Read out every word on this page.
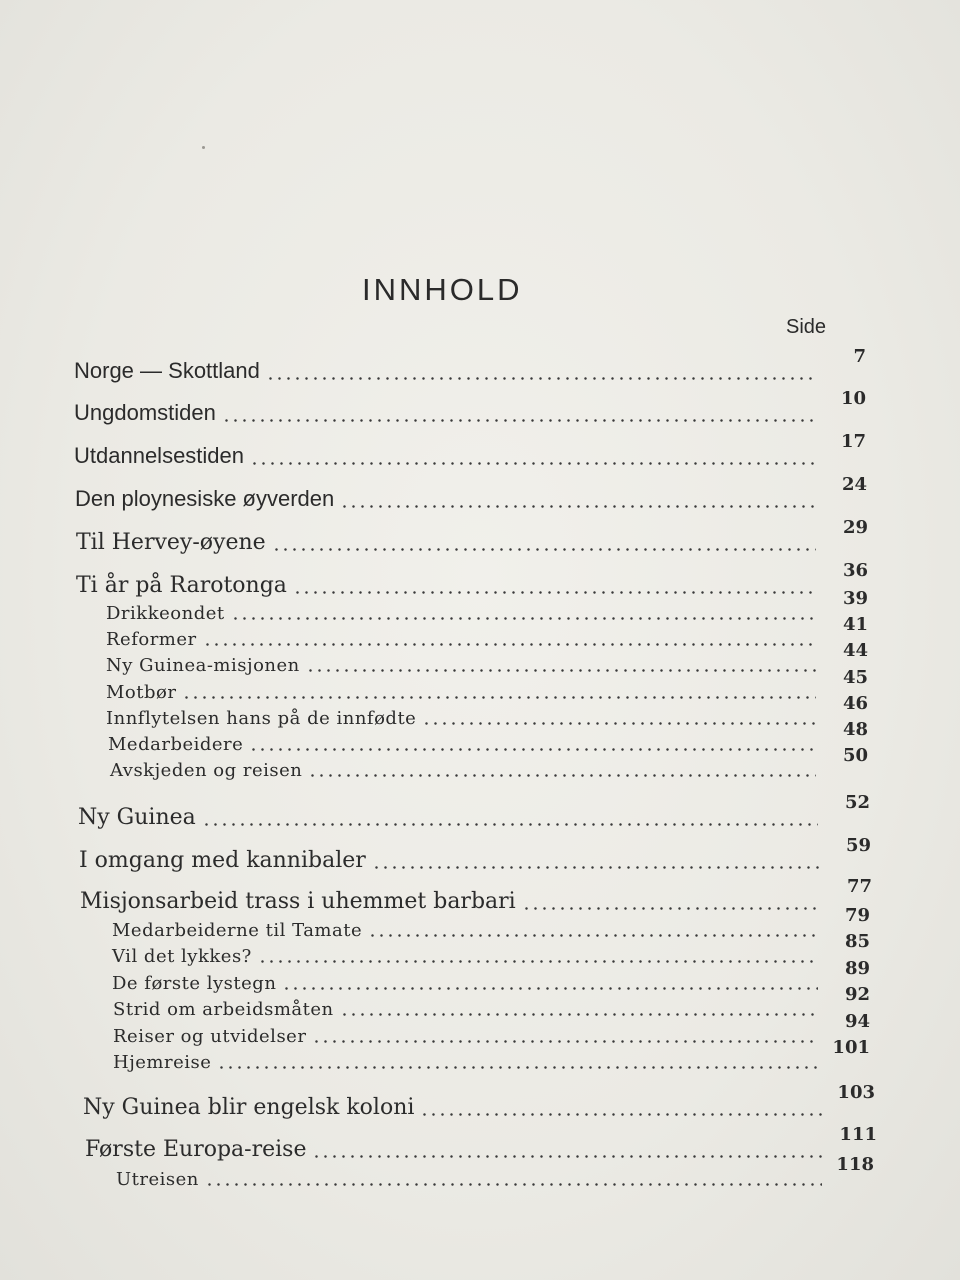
INNHOLD
Side
Norge — Skottland
7
Ungdomstiden
10
Utdannelsestiden
17
Den ploynesiske øyverden
24
Til Hervey-øyene
29
Ti år på Rarotonga
36
Drikkeondet
39
Reformer
41
Ny Guinea-misjonen
44
Motbør
45
Innflytelsen hans på de innfødte
46
Medarbeidere
48
Avskjeden og reisen
50
Ny Guinea
52
I omgang med kannibaler
59
Misjonsarbeid trass i uhemmet barbari
77
Medarbeiderne til Tamate
79
Vil det lykkes?
85
De første lystegn
89
Strid om arbeidsmåten
92
Reiser og utvidelser
94
Hjemreise
101
Ny Guinea blir engelsk koloni
103
Første Europa-reise
111
Utreisen
118
